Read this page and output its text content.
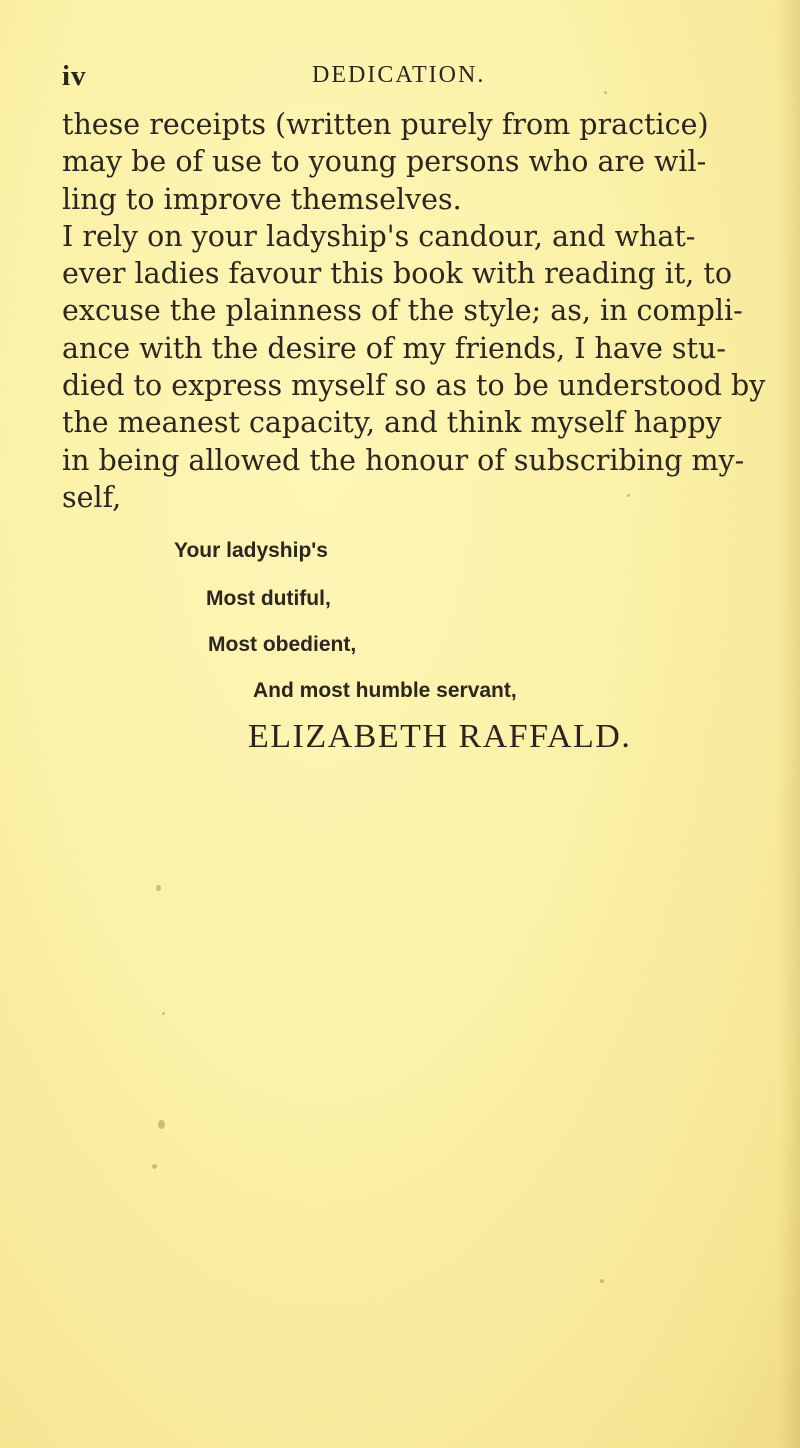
iv	DEDICATION.
these receipts (written purely from practice)
may be of use to young persons who are wil-
ling to improve themselves.
I rely on your ladyship's candour, and what-
ever ladies favour this book with reading it, to
excuse the plainness of the style; as, in compli-
ance with the desire of my friends, I have stu-
died to express myself so as to be understood by
the meanest capacity, and think myself happy
in being allowed the honour of subscribing my-
self,
Your ladyship's
Most dutiful,
Most obedient,
And most humble servant,
ELIZABETH RAFFALD.
